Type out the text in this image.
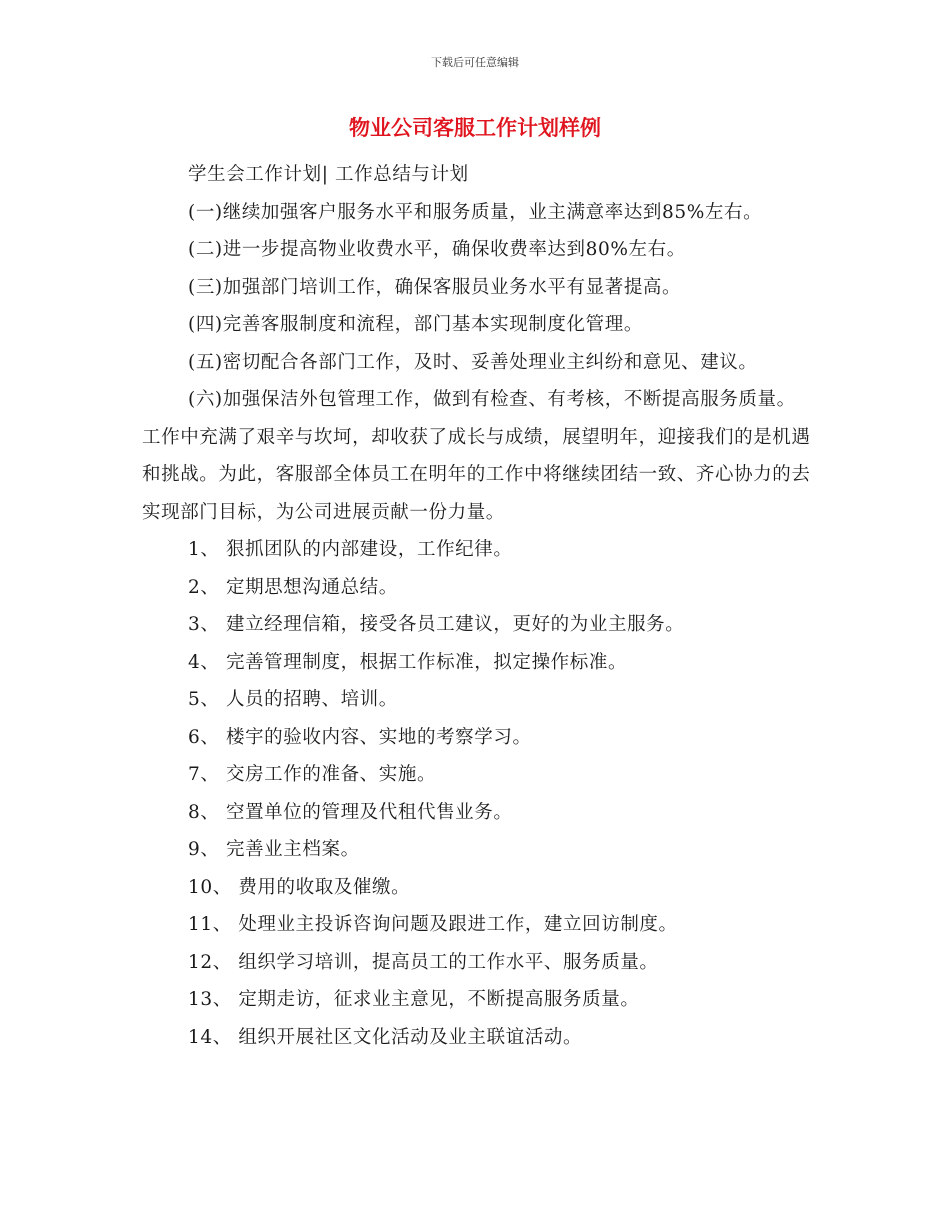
下载后可任意编辑
物业公司客服工作计划样例

学生会工作计划| 工作总结与计划

(一)继续加强客户服务水平和服务质量，业主满意率达到85%左右。

(二)进一步提高物业收费水平，确保收费率达到80%左右。

(三)加强部门培训工作，确保客服员业务水平有显著提高。

(四)完善客服制度和流程，部门基本实现制度化管理。

(五)密切配合各部门工作，及时、妥善处理业主纠纷和意见、建议。

(六)加强保洁外包管理工作，做到有检查、有考核，不断提高服务质量。工作中充满了艰辛与坎坷，却收获了成长与成绩，展望明年，迎接我们的是机遇和挑战。为此，客服部全体员工在明年的工作中将继续团结一致、齐心协力的去实现部门目标，为公司进展贡献一份力量。

1、 狠抓团队的内部建设，工作纪律。

2、 定期思想沟通总结。

3、 建立经理信箱，接受各员工建议，更好的为业主服务。

4、 完善管理制度，根据工作标准，拟定操作标准。

5、 人员的招聘、培训。

6、 楼宇的验收内容、实地的考察学习。

7、 交房工作的准备、实施。

8、 空置单位的管理及代租代售业务。

9、 完善业主档案。

10、 费用的收取及催缴。

11、 处理业主投诉咨询问题及跟进工作，建立回访制度。

12、 组织学习培训，提高员工的工作水平、服务质量。

13、 定期走访，征求业主意见，不断提高服务质量。

14、 组织开展社区文化活动及业主联谊活动。
